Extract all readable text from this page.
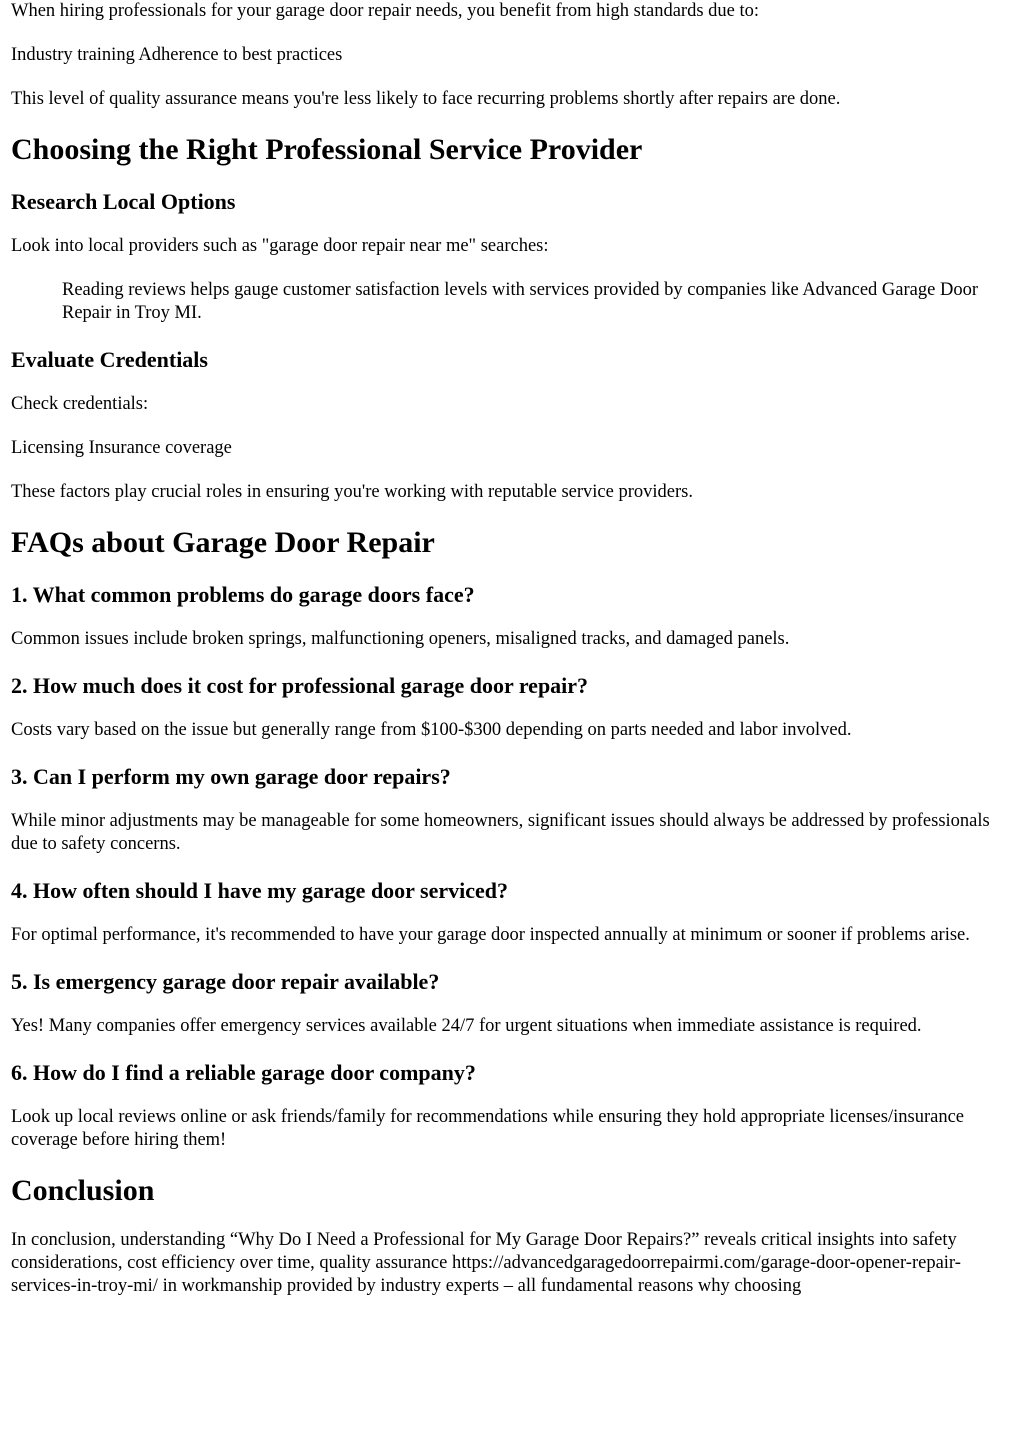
When hiring professionals for your garage door repair needs, you benefit from high standards due to:

Industry training Adherence to best practices

This level of quality assurance means you're less likely to face recurring problems shortly after repairs are done.

Choosing the Right Professional Service Provider
Research Local Options

Look into local providers such as "garage door repair near me" searches:

Reading reviews helps gauge customer satisfaction levels with services provided by companies like Advanced Garage Door Repair in Troy MI.
Evaluate Credentials

Check credentials:

Licensing Insurance coverage

These factors play crucial roles in ensuring you're working with reputable service providers.

FAQs about Garage Door Repair
1. What common problems do garage doors face?

Common issues include broken springs, malfunctioning openers, misaligned tracks, and damaged panels.

2. How much does it cost for professional garage door repair?

Costs vary based on the issue but generally range from $100-$300 depending on parts needed and labor involved.

3. Can I perform my own garage door repairs?

While minor adjustments may be manageable for some homeowners, significant issues should always be addressed by professionals due to safety concerns.

4. How often should I have my garage door serviced?

For optimal performance, it's recommended to have your garage door inspected annually at minimum or sooner if problems arise.

5. Is emergency garage door repair available?

Yes! Many companies offer emergency services available 24/7 for urgent situations when immediate assistance is required.

6. How do I find a reliable garage door company?

Look up local reviews online or ask friends/family for recommendations while ensuring they hold appropriate licenses/insurance coverage before hiring them!

Conclusion

In conclusion, understanding “Why Do I Need a Professional for My Garage Door Repairs?” reveals critical insights into safety considerations, cost efficiency over time, quality assurance https://advancedgaragedoorrepairmi.com/garage-door-opener-repair-services-in-troy-mi/ in workmanship provided by industry experts – all fundamental reasons why choosing
